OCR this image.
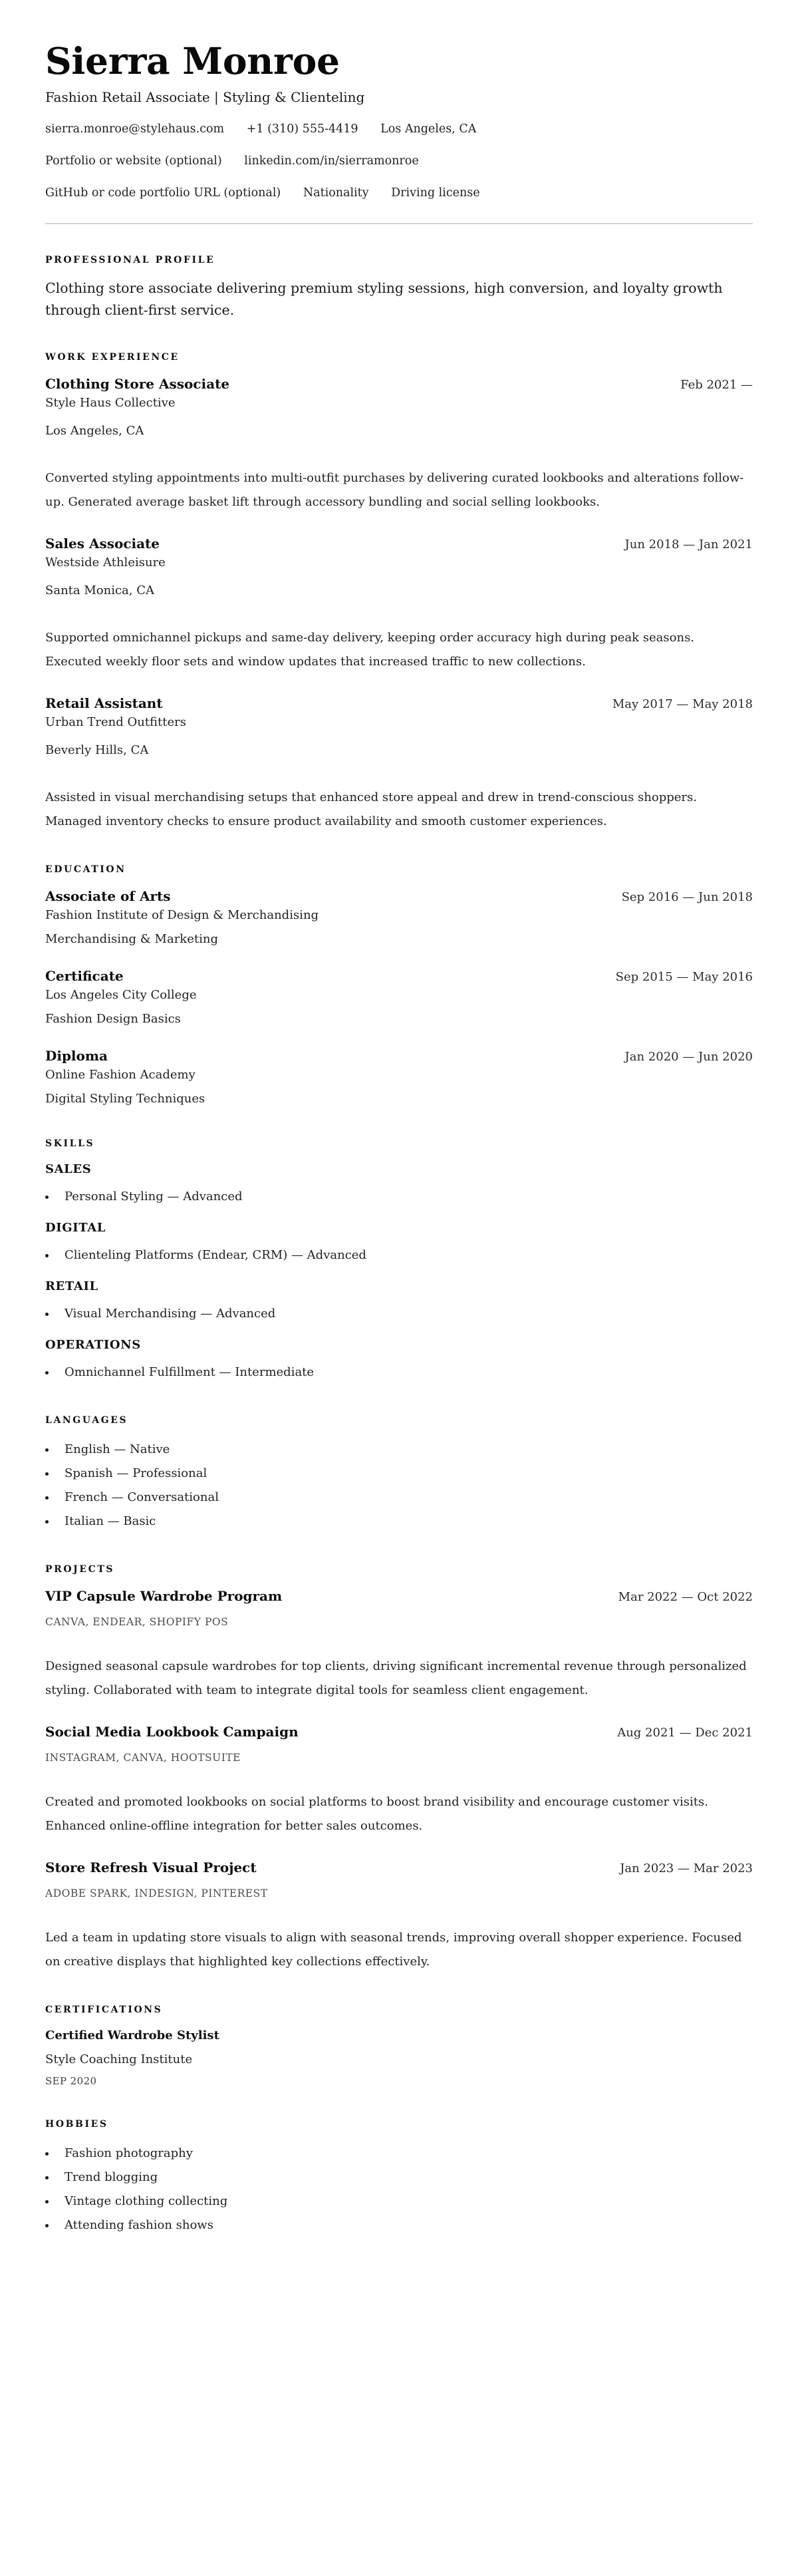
Sierra Monroe
Fashion Retail Associate | Styling & Clienteling
sierra.monroe@stylehaus.com +1 (310) 555-4419 Los Angeles, CA
Portfolio or website (optional) linkedin.com/in/sierramonroe
GitHub or code portfolio URL (optional) Nationality Driving license
PROFESSIONAL PROFILE

Clothing store associate delivering premium styling sessions, high conversion, and loyalty growth through client-first service.

WORK EXPERIENCE
Clothing Store Associate	Feb 2021 —
Style Haus Collective
Los Angeles, CA

Converted styling appointments into multi-outfit purchases by delivering curated lookbooks and alterations follow-up. Generated average basket lift through accessory bundling and social selling lookbooks.

Sales Associate	Jun 2018 — Jan 2021
Westside Athleisure
Santa Monica, CA

Supported omnichannel pickups and same-day delivery, keeping order accuracy high during peak seasons. Executed weekly floor sets and window updates that increased traffic to new collections.

Retail Assistant	May 2017 — May 2018
Urban Trend Outfitters
Beverly Hills, CA

Assisted in visual merchandising setups that enhanced store appeal and drew in trend-conscious shoppers. Managed inventory checks to ensure product availability and smooth customer experiences.

EDUCATION
Associate of Arts	Sep 2016 — Jun 2018
Fashion Institute of Design & Merchandising
Merchandising & Marketing
Certificate	Sep 2015 — May 2016
Los Angeles City College
Fashion Design Basics
Diploma	Jan 2020 — Jun 2020
Online Fashion Academy
Digital Styling Techniques
SKILLS
SALES
Personal Styling — Advanced
DIGITAL
Clienteling Platforms (Endear, CRM) — Advanced
RETAIL
Visual Merchandising — Advanced
OPERATIONS
Omnichannel Fulfillment — Intermediate
LANGUAGES
English — Native
Spanish — Professional
French — Conversational
Italian — Basic
PROJECTS
VIP Capsule Wardrobe Program	Mar 2022 — Oct 2022
CANVA, ENDEAR, SHOPIFY POS

Designed seasonal capsule wardrobes for top clients, driving significant incremental revenue through personalized styling. Collaborated with team to integrate digital tools for seamless client engagement.

Social Media Lookbook Campaign	Aug 2021 — Dec 2021
INSTAGRAM, CANVA, HOOTSUITE

Created and promoted lookbooks on social platforms to boost brand visibility and encourage customer visits. Enhanced online-offline integration for better sales outcomes.

Store Refresh Visual Project	Jan 2023 — Mar 2023
ADOBE SPARK, INDESIGN, PINTEREST

Led a team in updating store visuals to align with seasonal trends, improving overall shopper experience. Focused on creative displays that highlighted key collections effectively.

CERTIFICATIONS
Certified Wardrobe Stylist
Style Coaching Institute
SEP 2020
HOBBIES
Fashion photography
Trend blogging
Vintage clothing collecting
Attending fashion shows
